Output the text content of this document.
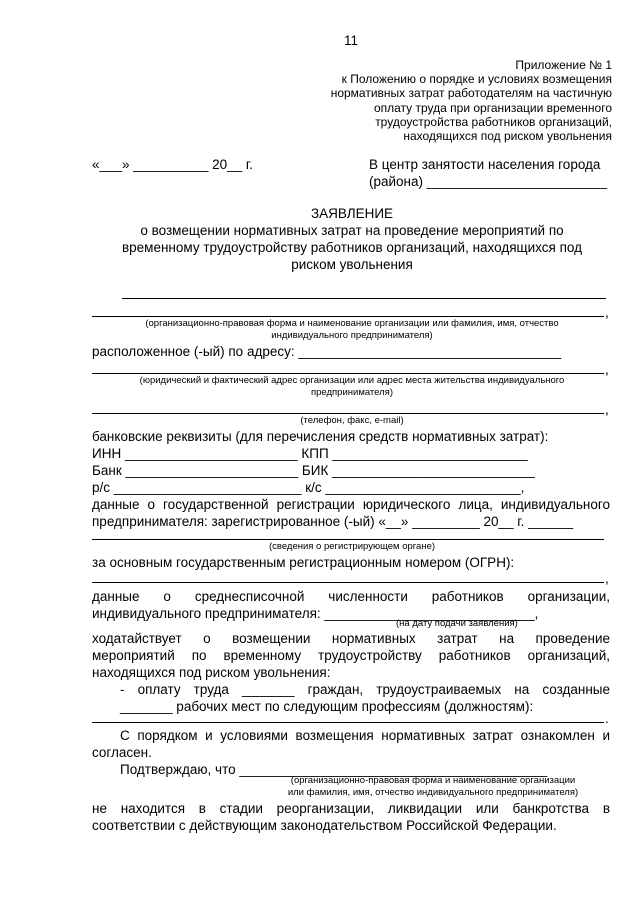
11
Приложение № 1
к Положению о порядке и условиях возмещения
нормативных затрат работодателям на частичную
оплату труда при организации временного
трудоустройства работников организаций,
находящихся под риском увольнения
«___» __________ 20__ г.	В центр занятости населения города
(района) ________________________
ЗАЯВЛЕНИЕ
о возмещении нормативных затрат на проведение мероприятий по
временному трудоустройству работников организаций, находящихся под
риском увольнения
,
(организационно-правовая форма и наименование организации или фамилия, имя, отчество
индивидуального предпринимателя)
расположенное (-ый) по адресу: ___________________________________
,
(юридический и фактический адрес организации или адрес места жительства индивидуального
предпринимателя)
,
(телефон, факс, e-mail)
банковские реквизиты (для перечисления средств нормативных затрат):
ИНН _______________________ КПП __________________________
Банк _______________________ БИК ___________________________
р/с _________________________ к/с __________________________,
данные о государственной регистрации юридического лица, индивидуального
предпринимателя: зарегистрированное (-ый) «__» _________ 20__ г. ______
(сведения о регистрирующем органе)
за основным государственным регистрационным номером (ОГРН):
,
данные о среднесписочной численности работников организации,
индивидуального предпринимателя: ____________________________,
(на дату подачи заявления)
ходатайствует о возмещении нормативных затрат на проведение
мероприятий по временному трудоустройству работников организаций,
находящихся под риском увольнения:
- оплату труда _______ граждан, трудоустраиваемых на созданные
_______ рабочих мест по следующим профессиям (должностям):
.
С порядком и условиями возмещения нормативных затрат ознакомлен и
согласен.
Подтверждаю, что _________________________________________
(организационно-правовая форма и наименование организации
или фамилия, имя, отчество индивидуального предпринимателя)
не находится в стадии реорганизации, ликвидации или банкротства в
соответствии с действующим законодательством Российской Федерации.
